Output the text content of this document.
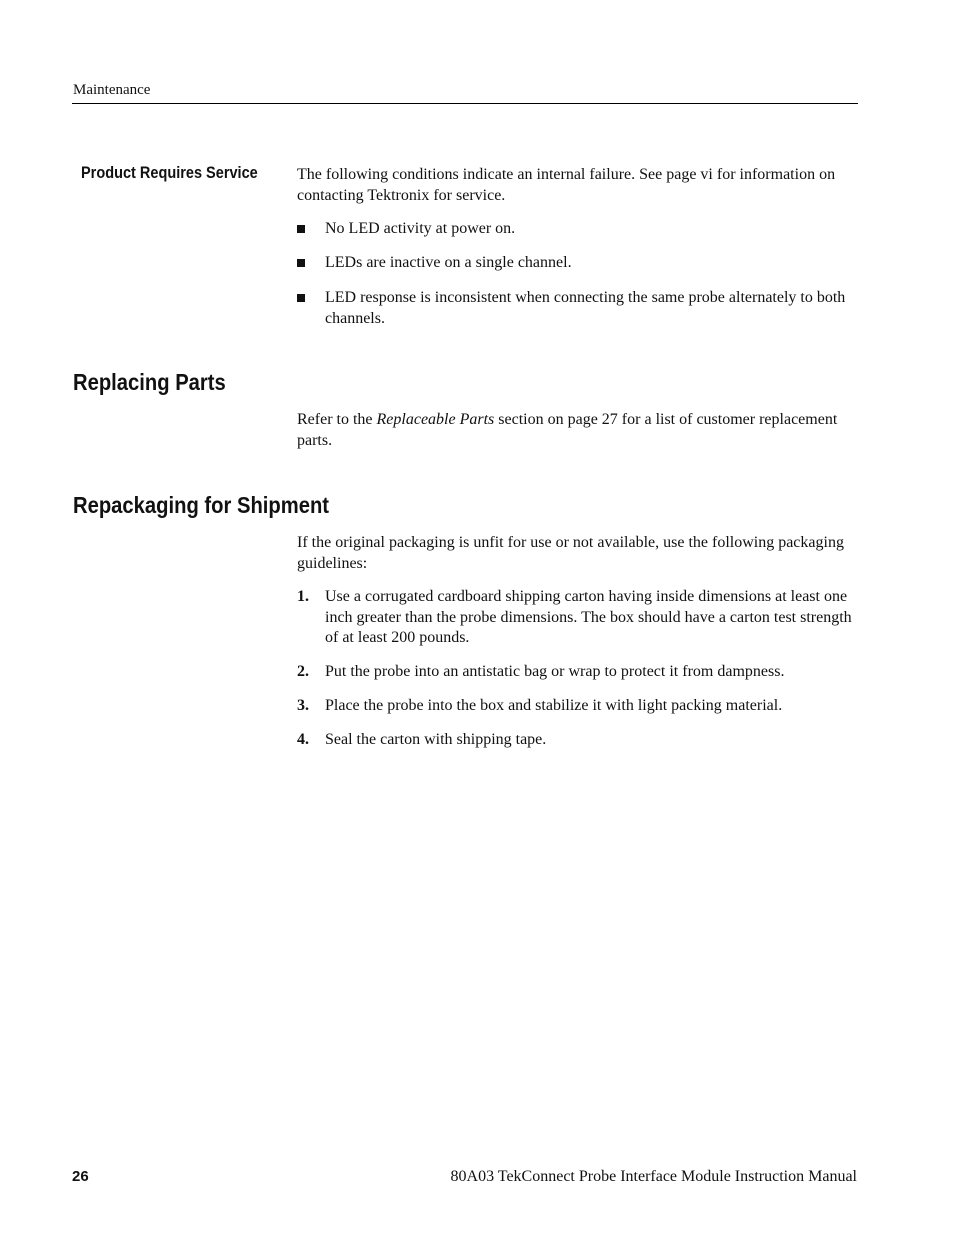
Maintenance
Product Requires Service The following conditions indicate an internal failure. See page vi for information on contacting Tektronix for service.

No LED activity at power on.
LEDs are inactive on a single channel.
LED response is inconsistent when connecting the same probe alternately to both channels.
Replacing Parts

Refer to the Replaceable Parts section on page 27 for a list of customer replacement parts.

Repackaging for Shipment

If the original packaging is unfit for use or not available, use the following packaging guidelines:

1. Use a corrugated cardboard shipping carton having inside dimensions at least one inch greater than the probe dimensions. The box should have a carton test strength of at least 200 pounds.
2. Put the probe into an antistatic bag or wrap to protect it from dampness.
3. Place the probe into the box and stabilize it with light packing material.
4. Seal the carton with shipping tape.
26	80A03 TekConnect Probe Interface Module Instruction Manual
